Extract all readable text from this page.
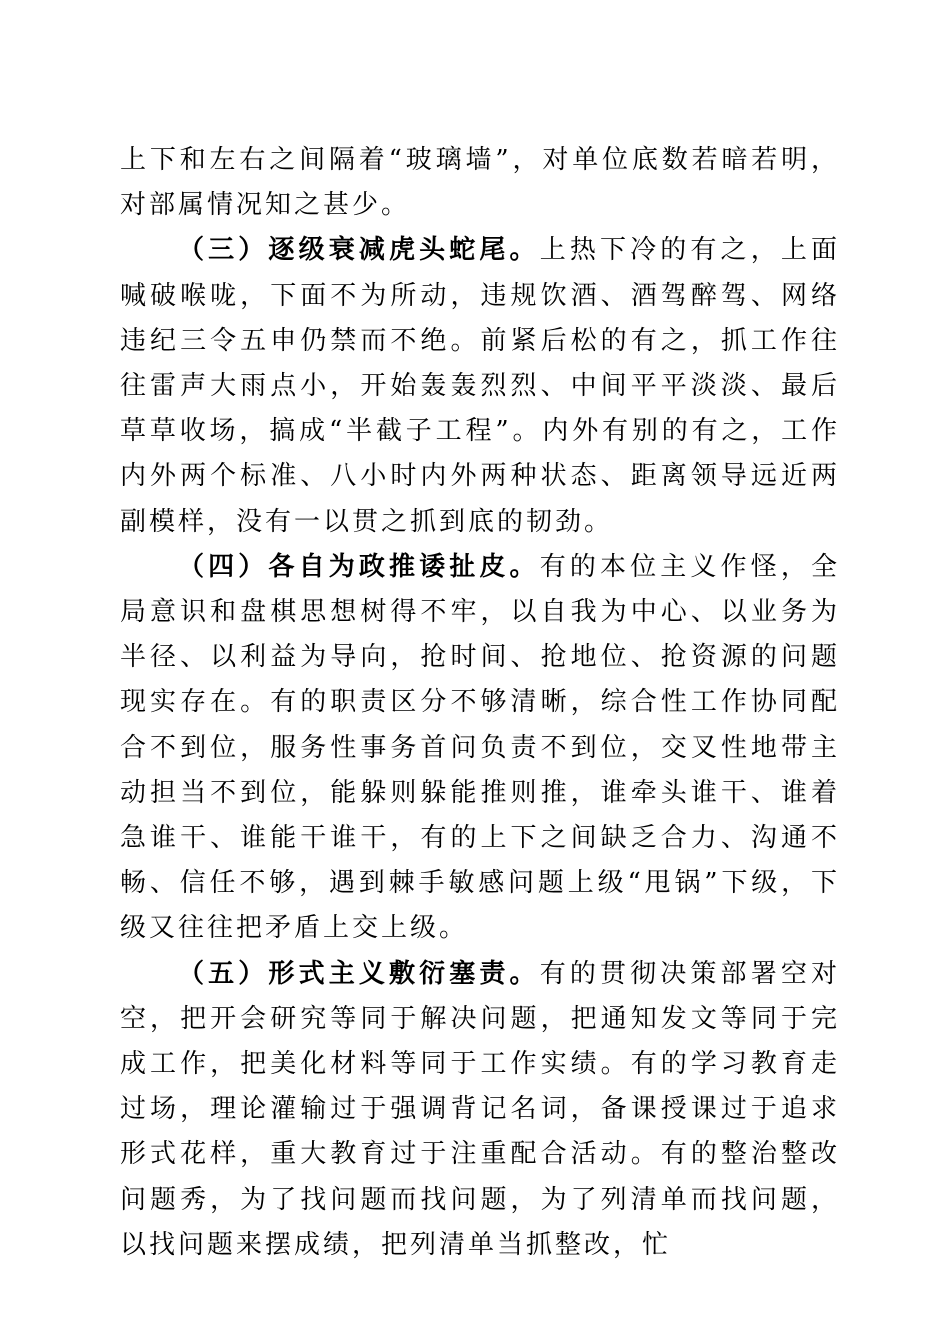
上下和左右之间隔着“玻璃墙”，对单位底数若暗若明，对部属情况知之甚少。

（三）逐级衰减虎头蛇尾。上热下冷的有之，上面喊破喉咙，下面不为所动，违规饮酒、酒驾醉驾、网络违纪三令五申仍禁而不绝。前紧后松的有之，抓工作往往雷声大雨点小，开始轰轰烈烈、中间平平淡淡、最后草草收场，搞成“半截子工程”。内外有别的有之，工作内外两个标准、八小时内外两种状态、距离领导远近两副模样，没有一以贯之抓到底的韧劲。

（四）各自为政推诿扯皮。有的本位主义作怪，全局意识和盘棋思想树得不牢，以自我为中心、以业务为半径、以利益为导向，抢时间、抢地位、抢资源的问题现实存在。有的职责区分不够清晰，综合性工作协同配合不到位，服务性事务首问负责不到位，交叉性地带主动担当不到位，能躲则躲能推则推，谁牵头谁干、谁着急谁干、谁能干谁干，有的上下之间缺乏合力、沟通不畅、信任不够，遇到棘手敏感问题上级“甩锅”下级，下级又往往把矛盾上交上级。

（五）形式主义敷衍塞责。有的贯彻决策部署空对空，把开会研究等同于解决问题，把通知发文等同于完成工作，把美化材料等同于工作实绩。有的学习教育走过场，理论灌输过于强调背记名词，备课授课过于追求形式花样，重大教育过于注重配合活动。有的整治整改问题秀，为了找问题而找问题，为了列清单而找问题，以找问题来摆成绩，把列清单当抓整改，忙
